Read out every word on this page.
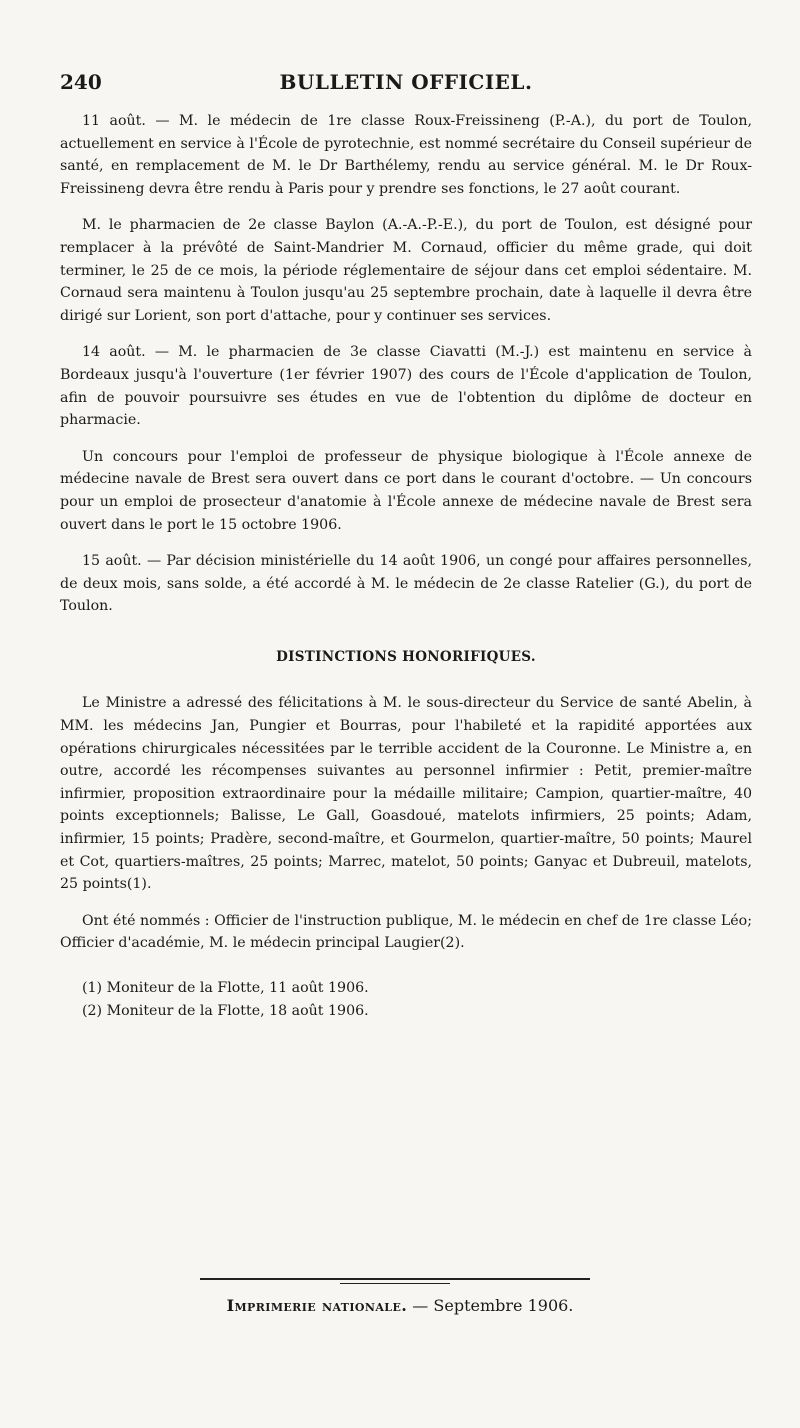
240	BULLETIN OFFICIEL.

11 août. — M. le médecin de 1re classe Roux-Freissineng (P.-A.), du port de Toulon, actuellement en service à l'École de pyrotechnie, est nommé secrétaire du Conseil supérieur de santé, en remplacement de M. le Dr Barthélemy, rendu au service général. M. le Dr Roux-Freissineng devra être rendu à Paris pour y prendre ses fonctions, le 27 août courant.

M. le pharmacien de 2e classe Baylon (A.-A.-P.-E.), du port de Toulon, est désigné pour remplacer à la prévôté de Saint-Mandrier M. Cornaud, officier du même grade, qui doit terminer, le 25 de ce mois, la période réglementaire de séjour dans cet emploi sédentaire. M. Cornaud sera maintenu à Toulon jusqu'au 25 septembre prochain, date à laquelle il devra être dirigé sur Lorient, son port d'attache, pour y continuer ses services.

14 août. — M. le pharmacien de 3e classe Ciavatti (M.-J.) est maintenu en service à Bordeaux jusqu'à l'ouverture (1er février 1907) des cours de l'École d'application de Toulon, afin de pouvoir poursuivre ses études en vue de l'obtention du diplôme de docteur en pharmacie.

Un concours pour l'emploi de professeur de physique biologique à l'École annexe de médecine navale de Brest sera ouvert dans ce port dans le courant d'octobre. — Un concours pour un emploi de prosecteur d'anatomie à l'École annexe de médecine navale de Brest sera ouvert dans le port le 15 octobre 1906.

15 août. — Par décision ministérielle du 14 août 1906, un congé pour affaires personnelles, de deux mois, sans solde, a été accordé à M. le médecin de 2e classe Ratelier (G.), du port de Toulon.

DISTINCTIONS HONORIFIQUES.

Le Ministre a adressé des félicitations à M. le sous-directeur du Service de santé Abelin, à MM. les médecins Jan, Pungier et Bourras, pour l'habileté et la rapidité apportées aux opérations chirurgicales nécessitées par le terrible accident de la Couronne. Le Ministre a, en outre, accordé les récompenses suivantes au personnel infirmier : Petit, premier-maître infirmier, proposition extraordinaire pour la médaille militaire; Campion, quartier-maître, 40 points exceptionnels; Balisse, Le Gall, Goasdoué, matelots infirmiers, 25 points; Adam, infirmier, 15 points; Pradère, second-maître, et Gourmelon, quartier-maître, 50 points; Maurel et Cot, quartiers-maîtres, 25 points; Marrec, matelot, 50 points; Ganyac et Dubreuil, matelots, 25 points(1).

Ont été nommés : Officier de l'instruction publique, M. le médecin en chef de 1re classe Léo; Officier d'académie, M. le médecin principal Laugier(2).

(1) Moniteur de la Flotte, 11 août 1906.
(2) Moniteur de la Flotte, 18 août 1906.
Imprimerie nationale. — Septembre 1906.
